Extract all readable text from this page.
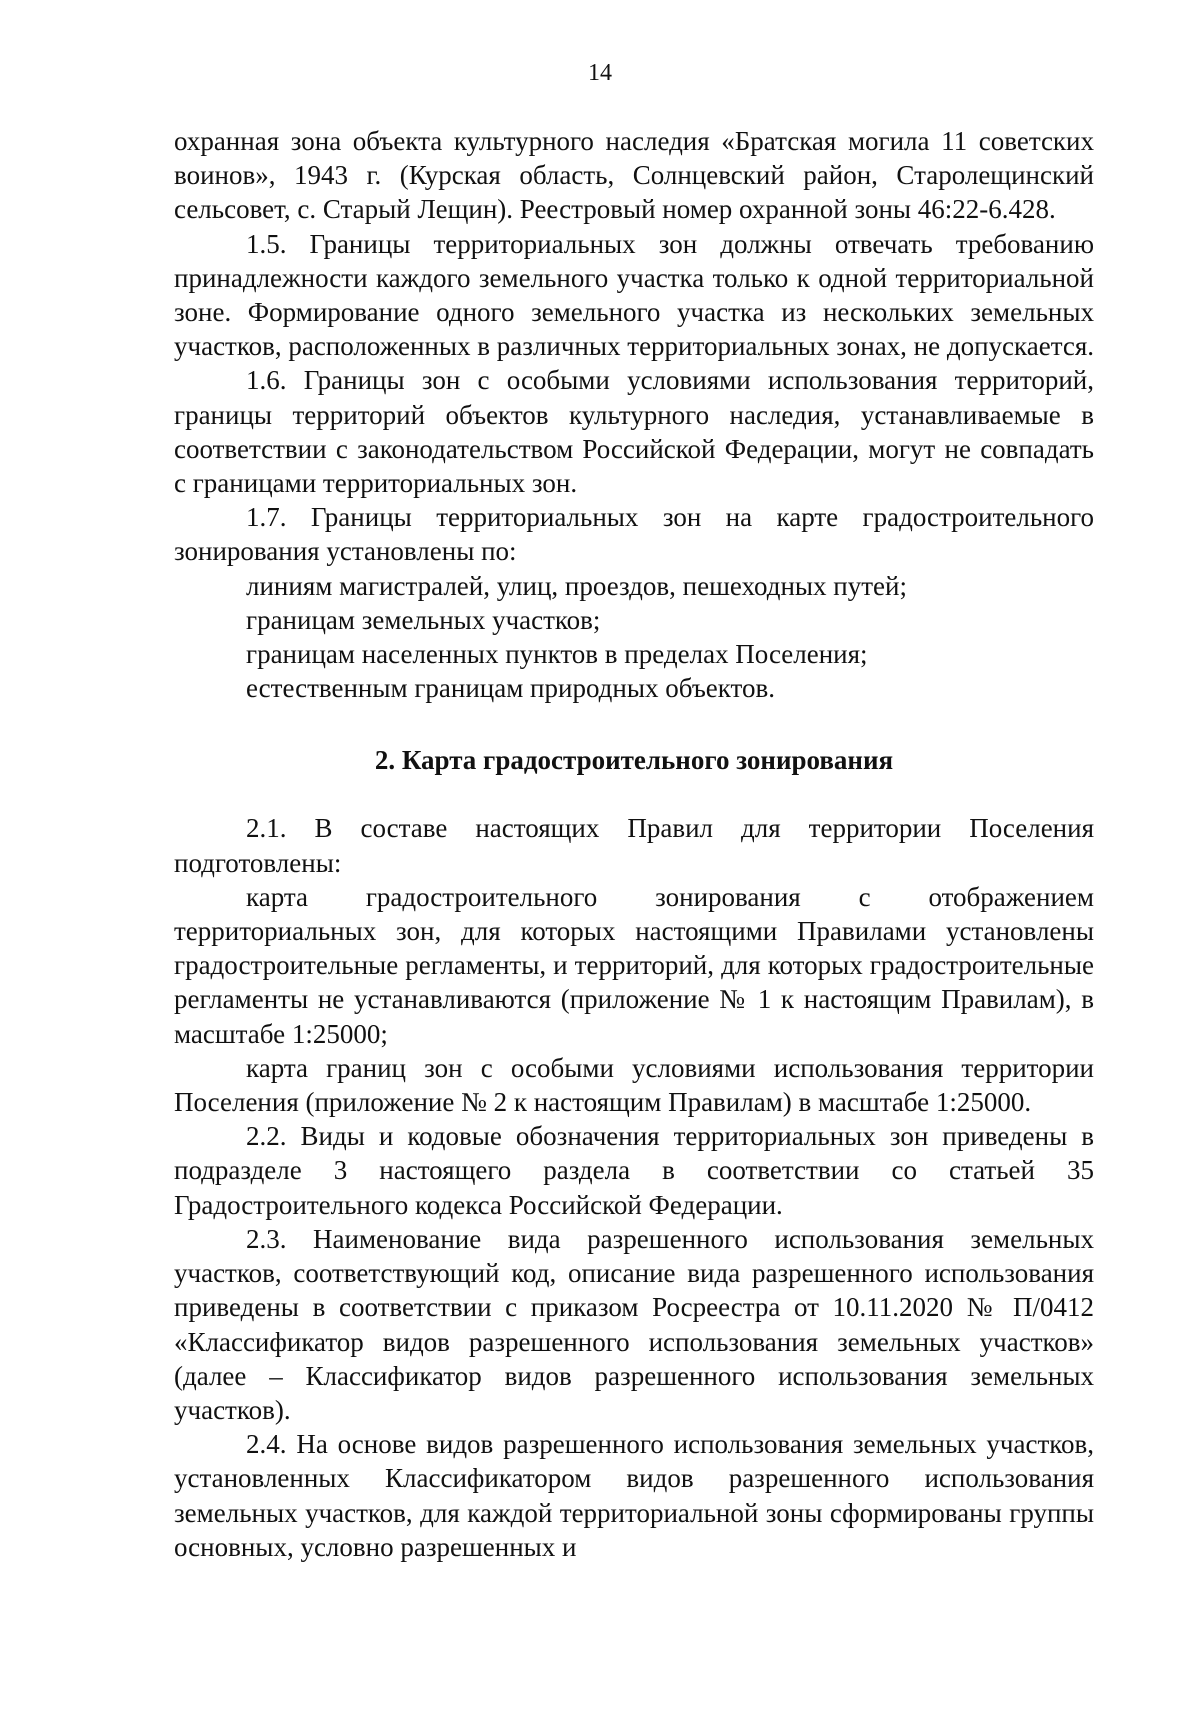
14

охранная зона объекта культурного наследия «Братская могила 11 советских воинов», 1943 г. (Курская область, Солнцевский район, Старолещинский сельсовет, с. Старый Лещин). Реестровый номер охранной зоны 46:22-6.428.

1.5. Границы территориальных зон должны отвечать требованию принадлежности каждого земельного участка только к одной территориальной зоне. Формирование одного земельного участка из нескольких земельных участков, расположенных в различных территориальных зонах, не допускается.

1.6. Границы зон с особыми условиями использования территорий, границы территорий объектов культурного наследия, устанавливаемые в соответствии с законодательством Российской Федерации, могут не совпадать с границами территориальных зон.

1.7. Границы территориальных зон на карте градостроительного зонирования установлены по:

линиям магистралей, улиц, проездов, пешеходных путей;

границам земельных участков;

границам населенных пунктов в пределах Поселения;

естественным границам природных объектов.

2. Карта градостроительного зонирования

2.1. В составе настоящих Правил для территории Поселения подготовлены:

карта градостроительного зонирования с отображением территориальных зон, для которых настоящими Правилами установлены градостроительные регламенты, и территорий, для которых градостроительные регламенты не устанавливаются (приложение № 1 к настоящим Правилам), в масштабе 1:25000;

карта границ зон с особыми условиями использования территории Поселения (приложение № 2 к настоящим Правилам) в масштабе 1:25000.

2.2. Виды и кодовые обозначения территориальных зон приведены в подразделе 3 настоящего раздела в соответствии со статьей 35 Градостроительного кодекса Российской Федерации.

2.3. Наименование вида разрешенного использования земельных участков, соответствующий код, описание вида разрешенного использования приведены в соответствии с приказом Росреестра от 10.11.2020 № П/0412 «Классификатор видов разрешенного использования земельных участков» (далее – Классификатор видов разрешенного использования земельных участков).

2.4. На основе видов разрешенного использования земельных участков, установленных Классификатором видов разрешенного использования земельных участков, для каждой территориальной зоны сформированы группы основных, условно разрешенных и
